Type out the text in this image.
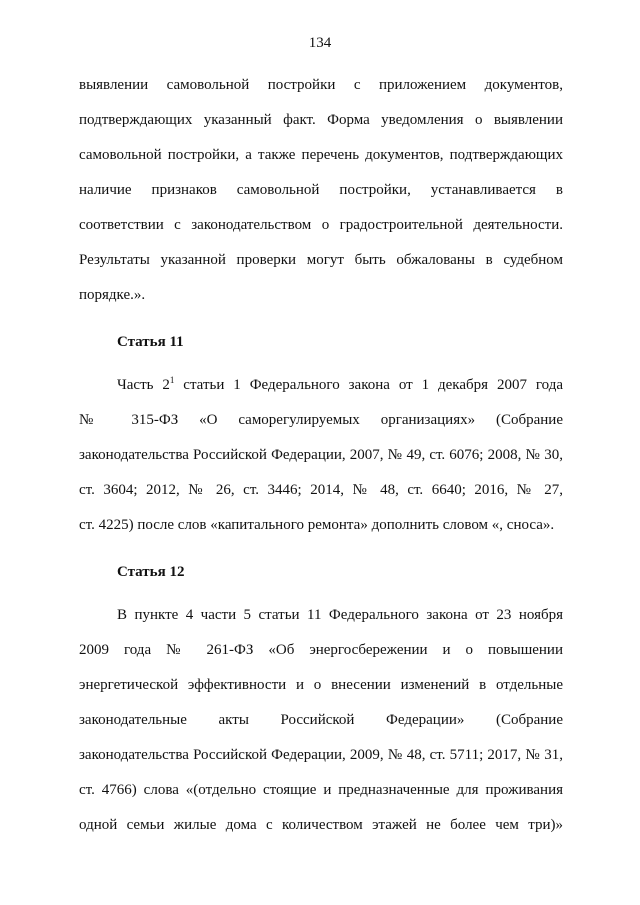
134
выявлении самовольной постройки с приложением документов,
подтверждающих указанный факт. Форма уведомления о выявлении
самовольной постройки, а также перечень документов, подтверждающих
наличие признаков самовольной постройки, устанавливается в
соответствии с законодательством о градостроительной деятельности.
Результаты указанной проверки могут быть обжалованы в судебном
порядке.».
Статья 11
Часть $2^1$ статьи 1 Федерального закона от 1 декабря 2007 года
№ 315-ФЗ «О саморегулируемых организациях» (Собрание
законодательства Российской Федерации, 2007, № 49, ст. 6076; 2008, № 30,
ст. 3604; 2012, № 26, ст. 3446; 2014, № 48, ст. 6640; 2016, № 27,
ст. 4225) после слов «капитального ремонта» дополнить словом «, сноса».
Статья 12
В пункте 4 части 5 статьи 11 Федерального закона от 23 ноября
2009 года № 261-ФЗ «Об энергосбережении и о повышении
энергетической эффективности и о внесении изменений в отдельные
законодательные акты Российской Федерации» (Собрание
законодательства Российской Федерации, 2009, № 48, ст. 5711; 2017, № 31,
ст. 4766) слова «(отдельно стоящие и предназначенные для проживания
одной семьи жилые дома с количеством этажей не более чем три)»
